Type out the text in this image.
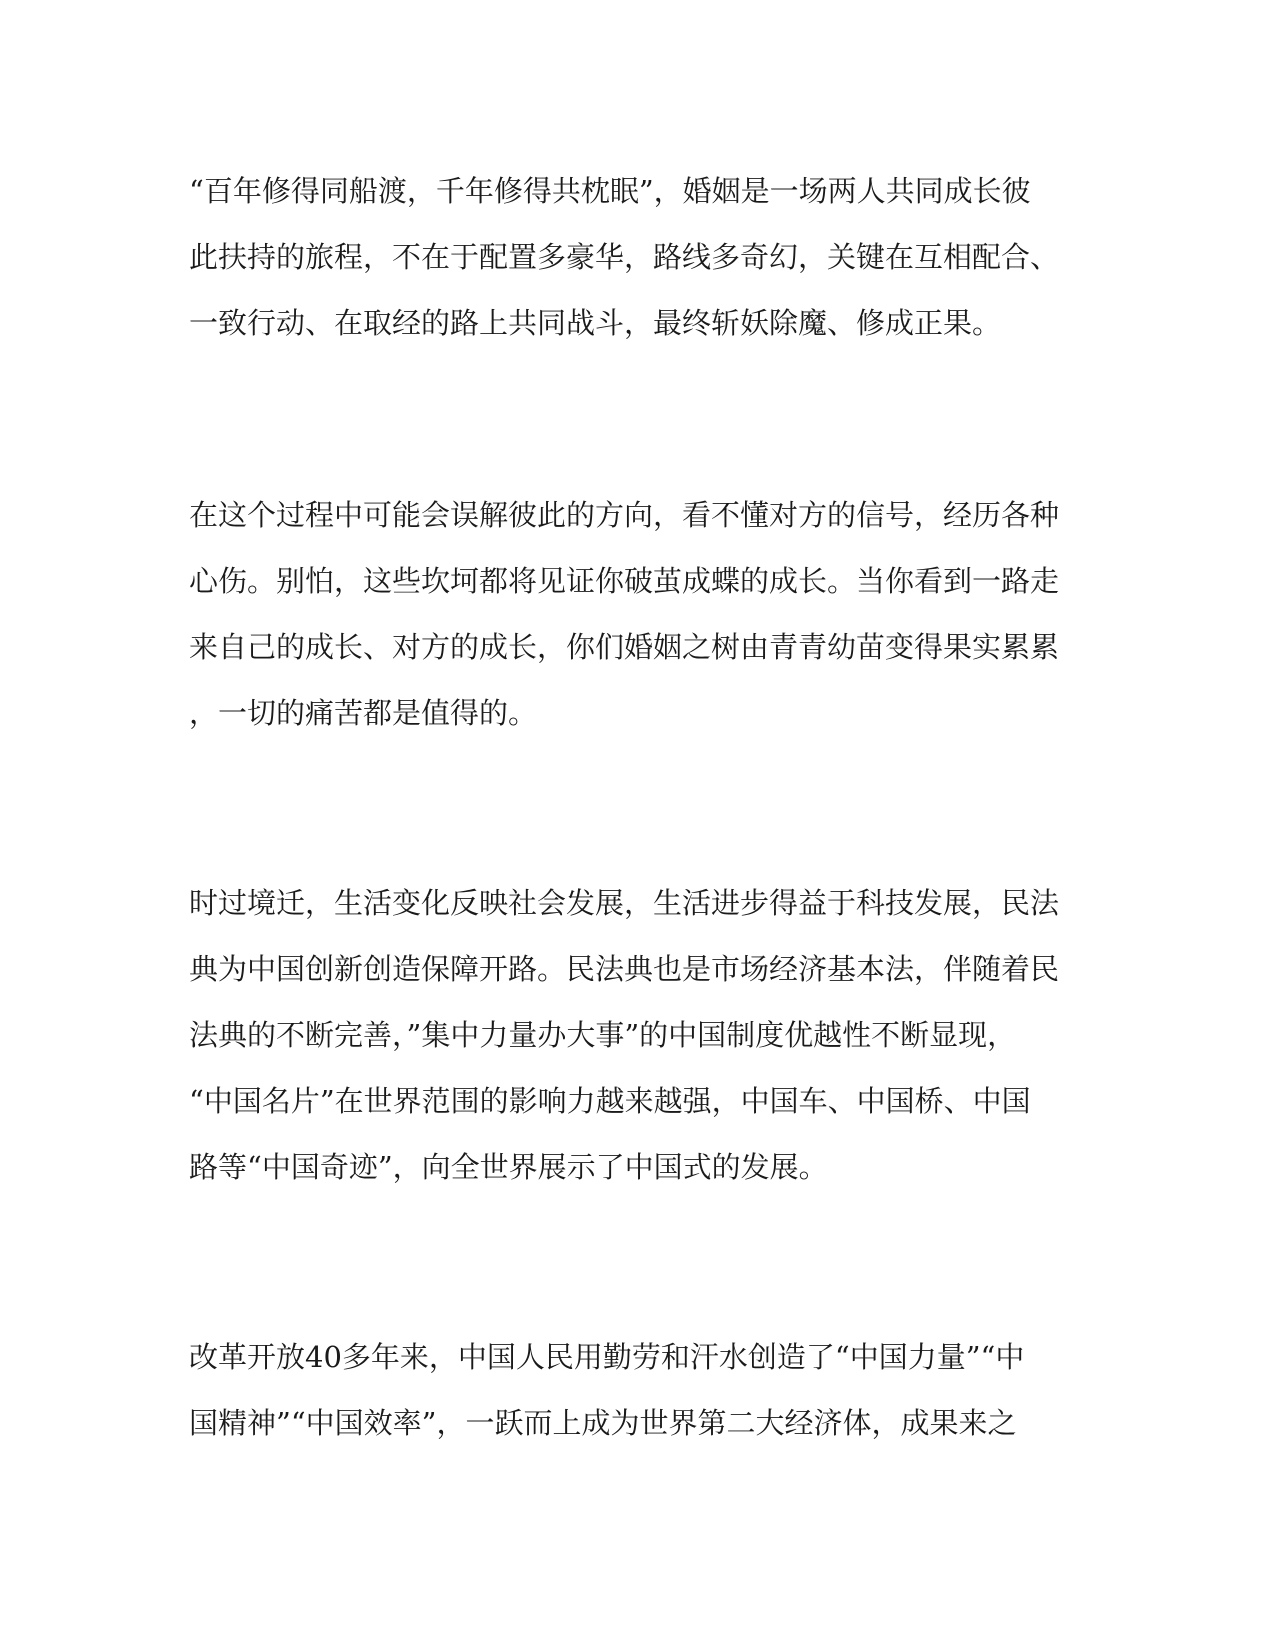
“百年修得同船渡，千年修得共枕眠”，婚姻是一场两人共同成长彼
此扶持的旅程，不在于配置多豪华，路线多奇幻，关键在互相配合、
一致行动、在取经的路上共同战斗，最终斩妖除魔、修成正果。
在这个过程中可能会误解彼此的方向，看不懂对方的信号，经历各种
心伤。别怕，这些坎坷都将见证你破茧成蝶的成长。当你看到一路走
来自己的成长、对方的成长，你们婚姻之树由青青幼苗变得果实累累
，一切的痛苦都是值得的。
时过境迁，生活变化反映社会发展，生活进步得益于科技发展，民法
典为中国创新创造保障开路。民法典也是市场经济基本法，伴随着民
法典的不断完善，”集中力量办大事”的中国制度优越性不断显现，
“中国名片”在世界范围的影响力越来越强，中国车、中国桥、中国
路等“中国奇迹”，向全世界展示了中国式的发展。
改革开放40多年来，中国人民用勤劳和汗水创造了“中国力量”“中
国精神”“中国效率”，一跃而上成为世界第二大经济体，成果来之
